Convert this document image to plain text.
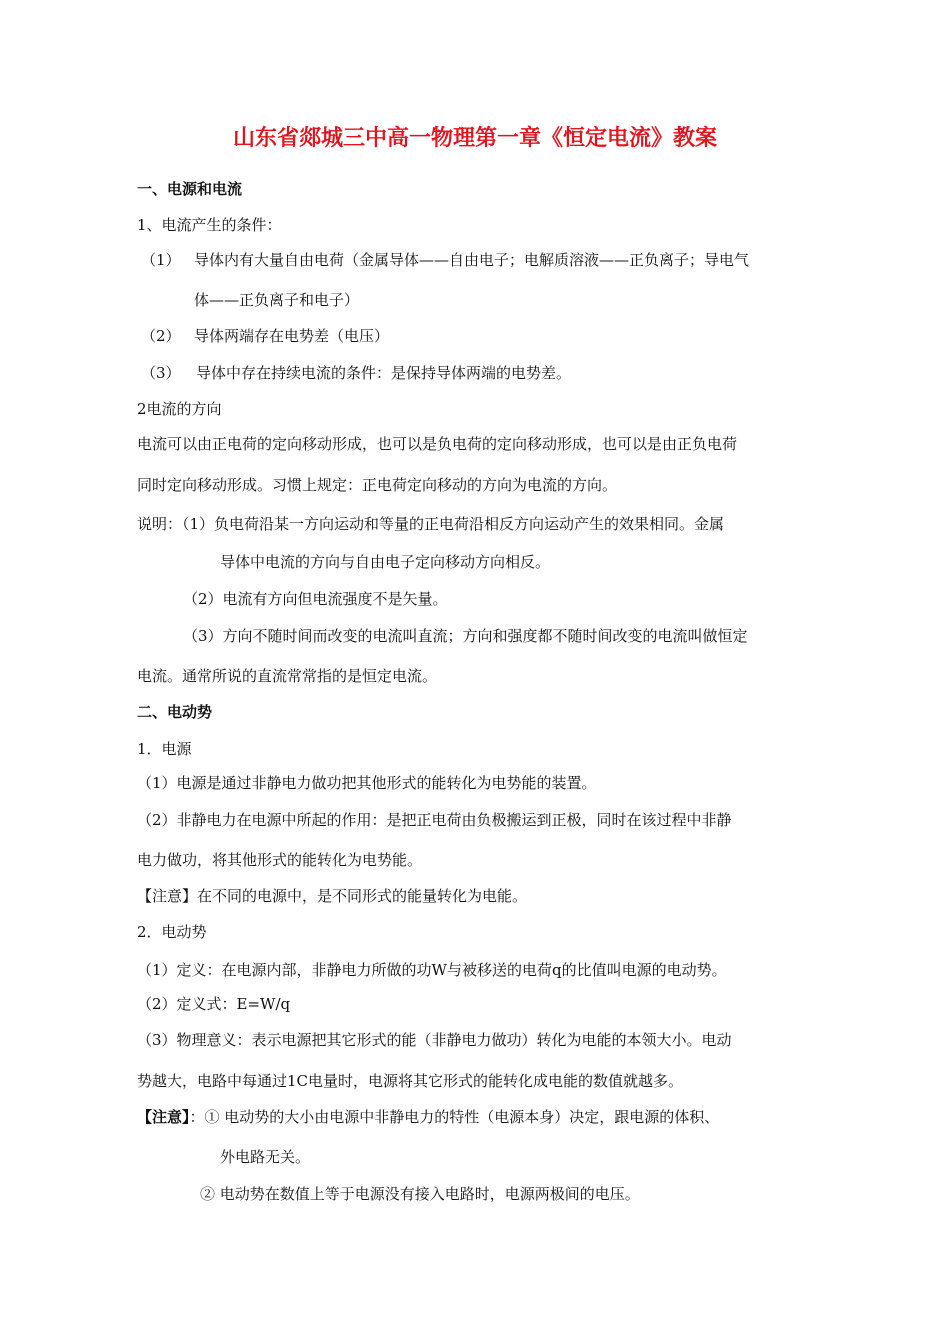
山东省郯城三中高一物理第一章《恒定电流》教案
一、电源和电流
1、电流产生的条件：
（1） 导体内有大量自由电荷（金属导体——自由电子；电解质溶液——正负离子；导电气
体——正负离子和电子）
（2） 导体两端存在电势差（电压）
（3） 导体中存在持续电流的条件：是保持导体两端的电势差。
2电流的方向
电流可以由正电荷的定向移动形成，也可以是负电荷的定向移动形成，也可以是由正负电荷
同时定向移动形成。习惯上规定：正电荷定向移动的方向为电流的方向。
说明：（1）负电荷沿某一方向运动和等量的正电荷沿相反方向运动产生的效果相同。金属
导体中电流的方向与自由电子定向移动方向相反。
（2）电流有方向但电流强度不是矢量。
（3）方向不随时间而改变的电流叫直流；方向和强度都不随时间改变的电流叫做恒定
电流。通常所说的直流常常指的是恒定电流。
二、电动势
1．电源
（1）电源是通过非静电力做功把其他形式的能转化为电势能的装置。
（2）非静电力在电源中所起的作用：是把正电荷由负极搬运到正极，同时在该过程中非静
电力做功，将其他形式的能转化为电势能。
【注意】在不同的电源中，是不同形式的能量转化为电能。
2．电动势
（1）定义：在电源内部，非静电力所做的功W与被移送的电荷q的比值叫电源的电动势。
（2）定义式：E=W/q
（3）物理意义：表示电源把其它形式的能（非静电力做功）转化为电能的本领大小。电动
势越大，电路中每通过1C电量时，电源将其它形式的能转化成电能的数值就越多。
【注意】：① 电动势的大小由电源中非静电力的特性（电源本身）决定，跟电源的体积、
外电路无关。
② 电动势在数值上等于电源没有接入电路时，电源两极间的电压。
